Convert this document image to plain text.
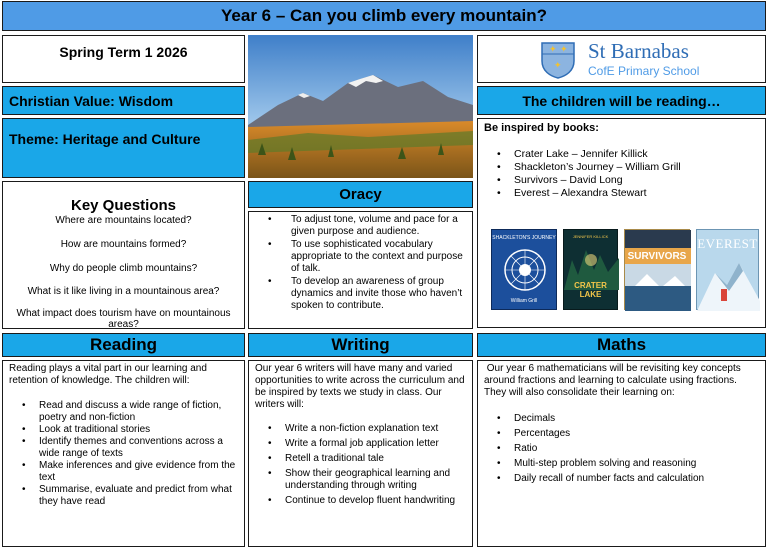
Year 6 – Can you climb every mountain?
Spring Term 1 2026
Christian Value: Wisdom
Theme: Heritage and Culture
✦ ✦
✦
St Barnabas
CofE Primary School
The children will be reading…
Be inspired by books:
• Crater Lake – Jennifer Killick
• Shackleton’s Journey – William Grill
• Survivors – David Long
• Everest – Alexandra Stewart
SHACKLETON'S JOURNEY
William Grill
JENNIFER KILLICK
CRATER LAKE
SURVIVORS
EVEREST
Key Questions
Where are mountains located?
How are mountains formed?
Why do people climb mountains?
What is it like living in a mountainous area?
What impact does tourism have on mountainous areas?
Oracy
• To adjust tone, volume and pace for a given purpose and audience.
• To use sophisticated vocabulary appropriate to the context and purpose of talk.
• To develop an awareness of group dynamics and invite those who haven’t spoken to contribute.
Reading	Writing	Maths
Reading plays a vital part in our learning and retention of knowledge. The children will:
• Read and discuss a wide range of fiction, poetry and non-fiction
• Look at traditional stories
• Identify themes and conventions across a wide range of texts
• Make inferences and give evidence from the text
• Summarise, evaluate and predict from what they have read
Our year 6 writers will have many and varied opportunities to write across the curriculum and be inspired by texts we study in class. Our writers will:
• Write a non-fiction explanation text
• Write a formal job application letter
• Retell a traditional tale
• Show their geographical learning and understanding through writing
• Continue to develop fluent handwriting
Our year 6 mathematicians will be revisiting key concepts around fractions and learning to calculate using fractions. They will also consolidate their learning on:
• Decimals
• Percentages
• Ratio
• Multi-step problem solving and reasoning
• Daily recall of number facts and calculation
